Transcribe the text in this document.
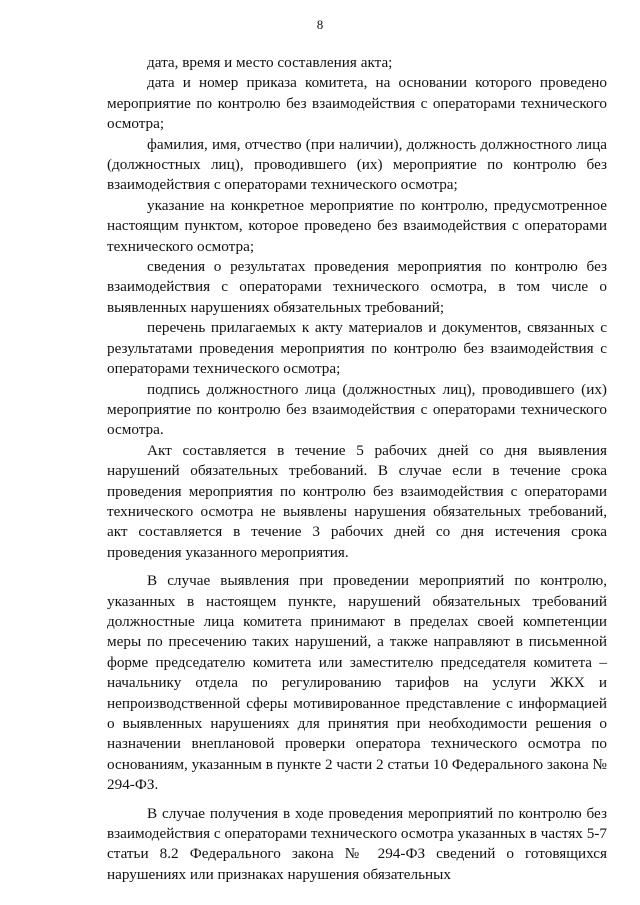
8

дата, время и место составления акта;

дата и номер приказа комитета, на основании которого проведено мероприятие по контролю без взаимодействия с операторами технического осмотра;

фамилия, имя, отчество (при наличии), должность должностного лица (должностных лиц), проводившего (их) мероприятие по контролю без взаимодействия с операторами технического осмотра;

указание на конкретное мероприятие по контролю, предусмотренное настоящим пунктом, которое проведено без взаимодействия с операторами технического осмотра;

сведения о результатах проведения мероприятия по контролю без взаимодействия с операторами технического осмотра, в том числе о выявленных нарушениях обязательных требований;

перечень прилагаемых к акту материалов и документов, связанных с результатами проведения мероприятия по контролю без взаимодействия с операторами технического осмотра;

подпись должностного лица (должностных лиц), проводившего (их) мероприятие по контролю без взаимодействия с операторами технического осмотра.

Акт составляется в течение 5 рабочих дней со дня выявления нарушений обязательных требований. В случае если в течение срока проведения мероприятия по контролю без взаимодействия с операторами технического осмотра не выявлены нарушения обязательных требований, акт составляется в течение 3 рабочих дней со дня истечения срока проведения указанного мероприятия.

В случае выявления при проведении мероприятий по контролю, указанных в настоящем пункте, нарушений обязательных требований должностные лица комитета принимают в пределах своей компетенции меры по пресечению таких нарушений, а также направляют в письменной форме председателю комитета или заместителю председателя комитета – начальнику отдела по регулированию тарифов на услуги ЖКХ и непроизводственной сферы мотивированное представление с информацией о выявленных нарушениях для принятия при необходимости решения о назначении внеплановой проверки оператора технического осмотра по основаниям, указанным в пункте 2 части 2 статьи 10 Федерального закона № 294-ФЗ.

В случае получения в ходе проведения мероприятий по контролю без взаимодействия с операторами технического осмотра указанных в частях 5-7 статьи 8.2 Федерального закона № 294-ФЗ сведений о готовящихся нарушениях или признаках нарушения обязательных
